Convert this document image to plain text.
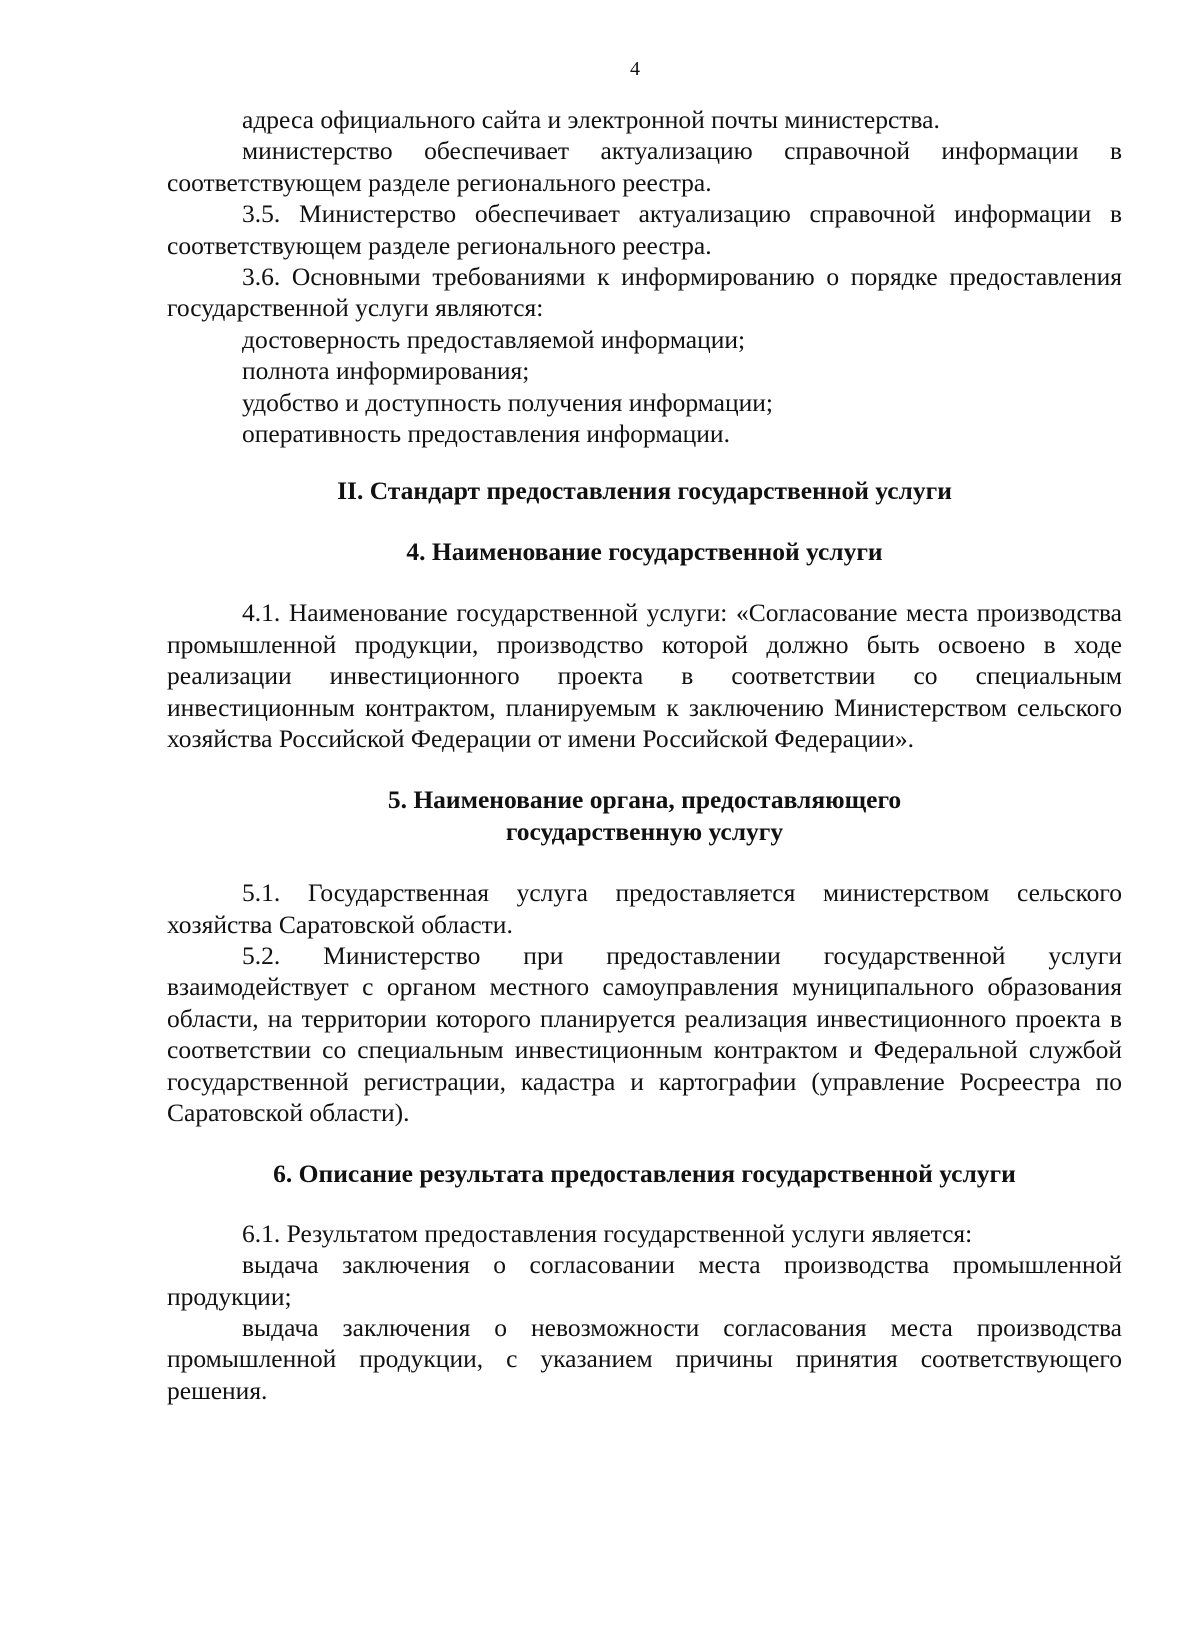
4

адреса официального сайта и электронной почты министерства.

министерство обеспечивает актуализацию справочной информации в соответствующем разделе регионального реестра.

3.5. Министерство обеспечивает актуализацию справочной информации в соответствующем разделе регионального реестра.

3.6. Основными требованиями к информированию о порядке предоставления государственной услуги являются:

достоверность предоставляемой информации;

полнота информирования;

удобство и доступность получения информации;

оперативность предоставления информации.

II. Стандарт предоставления государственной услуги
4. Наименование государственной услуги

4.1. Наименование государственной услуги: «Согласование места производства промышленной продукции, производство которой должно быть освоено в ходе реализации инвестиционного проекта в соответствии со специальным инвестиционным контрактом, планируемым к заключению Министерством сельского хозяйства Российской Федерации от имени Российской Федерации».

5. Наименование органа, предоставляющего
государственную услугу

5.1. Государственная услуга предоставляется министерством сельского хозяйства Саратовской области.

5.2. Министерство при предоставлении государственной услуги взаимодействует с органом местного самоуправления муниципального образования области, на территории которого планируется реализация инвестиционного проекта в соответствии со специальным инвестиционным контрактом и Федеральной службой государственной регистрации, кадастра и картографии (управление Росреестра по Саратовской области).

6. Описание результата предоставления государственной услуги

6.1. Результатом предоставления государственной услуги является:

выдача заключения о согласовании места производства промышленной продукции;

выдача заключения о невозможности согласования места производства промышленной продукции, с указанием причины принятия соответствующего решения.
